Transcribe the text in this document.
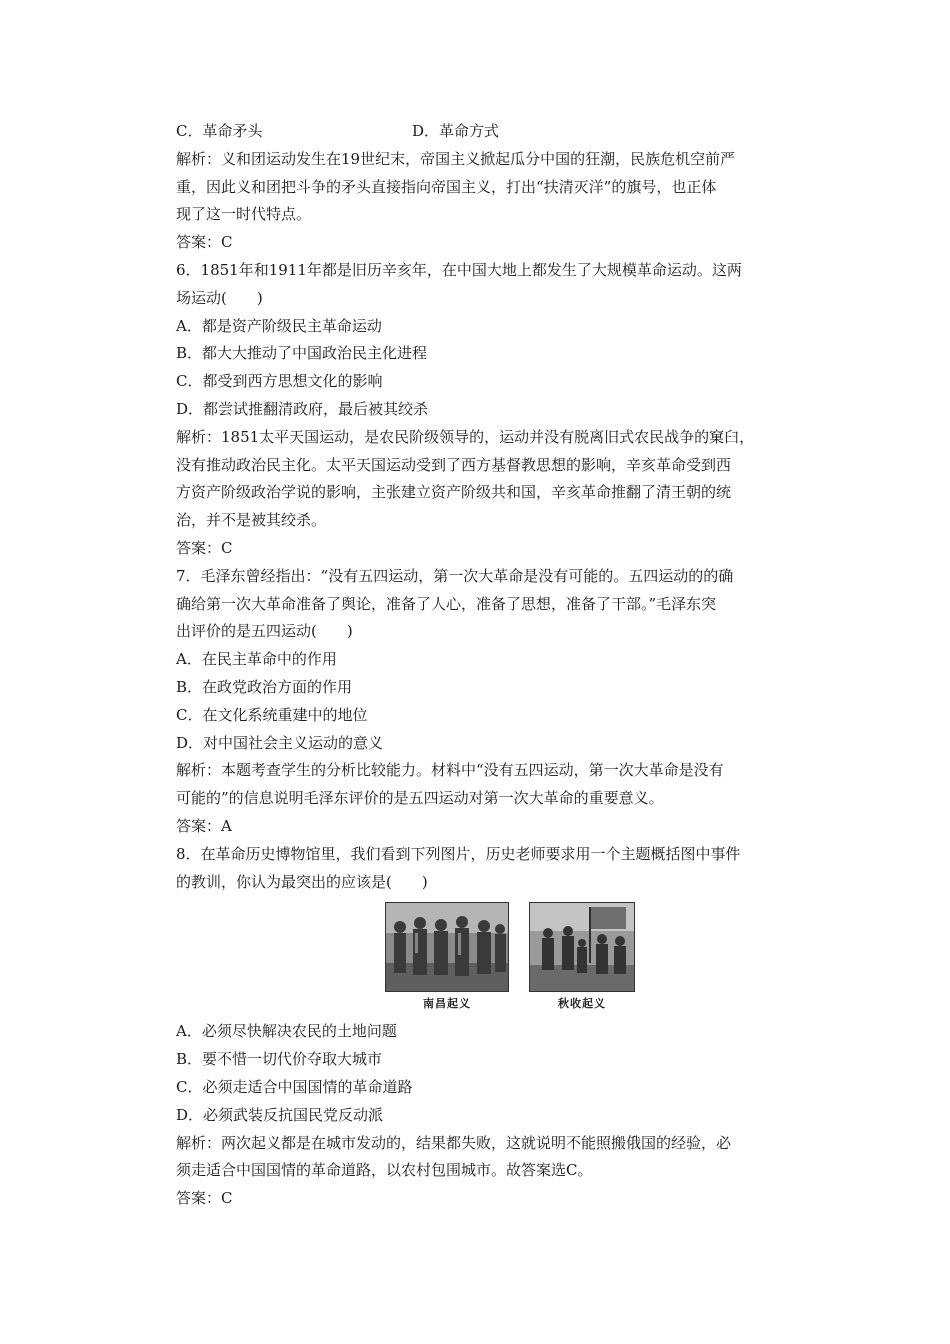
C．革命矛头	D．革命方式
解析：义和团运动发生在19世纪末，帝国主义掀起瓜分中国的狂潮，民族危机空前严
重，因此义和团把斗争的矛头直接指向帝国主义，打出“扶清灭洋”的旗号，也正体
现了这一时代特点。
答案：C
6．1851年和1911年都是旧历辛亥年，在中国大地上都发生了大规模革命运动。这两
场运动(　　)
A．都是资产阶级民主革命运动
B．都大大推动了中国政治民主化进程
C．都受到西方思想文化的影响
D．都尝试推翻清政府，最后被其绞杀
解析：1851太平天国运动，是农民阶级领导的，运动并没有脱离旧式农民战争的窠臼，
没有推动政治民主化。太平天国运动受到了西方基督教思想的影响，辛亥革命受到西
方资产阶级政治学说的影响，主张建立资产阶级共和国，辛亥革命推翻了清王朝的统
治，并不是被其绞杀。
答案：C
7．毛泽东曾经指出：“没有五四运动，第一次大革命是没有可能的。五四运动的的确
确给第一次大革命准备了舆论，准备了人心，准备了思想，准备了干部。”毛泽东突
出评价的是五四运动(　　)
A．在民主革命中的作用
B．在政党政治方面的作用
C．在文化系统重建中的地位
D．对中国社会主义运动的意义
解析：本题考查学生的分析比较能力。材料中“没有五四运动，第一次大革命是没有
可能的”的信息说明毛泽东评价的是五四运动对第一次大革命的重要意义。
答案：A
8．在革命历史博物馆里，我们看到下列图片，历史老师要求用一个主题概括图中事件
的教训，你认为最突出的应该是(　　)
南昌起义	秋收起义
A．必须尽快解决农民的土地问题
B．要不惜一切代价夺取大城市
C．必须走适合中国国情的革命道路
D．必须武装反抗国民党反动派
解析：两次起义都是在城市发动的，结果都失败，这就说明不能照搬俄国的经验，必
须走适合中国国情的革命道路，以农村包围城市。故答案选C。
答案：C
